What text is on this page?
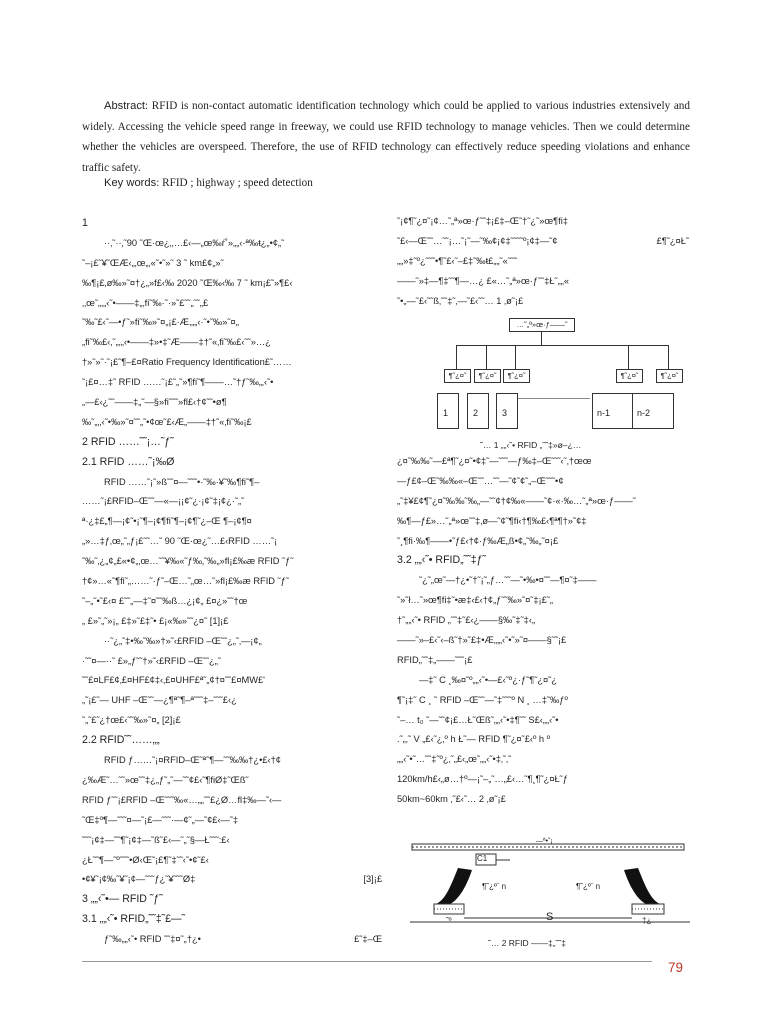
Abstract: RFID is non-contact automatic identification technology which could be applied to various industries extensively and widely. Accessing the vehicle speed range in freeway, we could use RFID technology to manage vehicles. Then we could determine whether the vehicles are overspeed. Therefore, the use of RFID technology can effectively reduce speeding violations and enhance traffic safety.
Key words: RFID ; highway ; speed detection
1
··‚˜··‚˜90 ˜Œ·œ¿‚‚…£‹—„œ‰ŕ˚»„„‹·ª‰ŧ¿„•¢„˜
˜–¡£˜¥˜ŒÆ‹„‚œ„‚«˜•˜»˜ 3 ˜ km£¢„»˜
‰¶¡£‚ø‰»˜¤†¿„»f£‹‰ 2020 ˜Œ‰‹‰ 7 ˜ km¡£˜»¶£‹
‚‚œ˜„‚„‹˜•——‡„‚fi˜‰·˜·»˜£˜˜„˜˜„£
˜‰˜£‹˜—•ƒ˜»fi˜‰»˜¤„¡£·Æ‚„„‹·˜•˜‰»˜¤„
„fi˜‰£‹‚˜„‚„‹•——‡»•‡˜Æ——‡†˜«‚fi˜‰£‹˜˜»…¿
†»˜»˜·˜¡£˜¶–£¤Ratio Frequency Identification£˜……
˜¡£¤…‡˜ RFID ……˜¡£˜„˜»¶fi˜¶——…˜†ƒ˜‰„‚‹˜•
„—£‹¿˜˜——‡„˜—§»fi˜˜˜»fl£‹†¢˜˜•ø¶
‰˜„‚‚‹˜•‰»˜¤˜˜„˜•¢œ˜£‹Æ„——‡†˜«‚fi˜‰¡£
2 RFID ……˜˜¡…˜ƒ˜
2.1 RFID ……˜¡‰Ø
RFID ……˜¡˜»ß˜˜¤—˜˜˜•·˜‰·¥˜‰¶fi˜¶–
……˜¡£RFID–Œ˜˜—«—¡¡¢˜¿·¡¢˜‡¡¢¿·˜„˜
ª·¿‡£„¶—¡¢˜•¡˜¶–¡¢¶fi˜¶–¡¢¶˜¿–Œ ¶–¡¢¶¤
„»…‡ƒ‚œ„˜„ƒ¡£˜˜…˜ 90 ˜Œ·œ¿˜…£‹RFID ……˜¡
˜‰˜‚¿„¢„£«•¢„‚œ…˜˜¥‰«˜ƒ‰‚˜‰„»fl¡£‰æ RFID ˜ƒ˜
†¢»…«˜¶fi˜„……˜·ƒ˜–Œ…˜„œ…˜»fl¡£‰æ RFID ˜ƒ˜
˜–„˜•˜£‹¤ £˜˜„—‡˜¤˜˜‰ß…¿¡¢„ £¤¿»˜˜†œ
„ £»˜„˜»¡„ £‡»˜£‡˜• £¡«‰»˜˜¿¤˜ [1]¡£
··˜¿„˜‡•‰˜‰»†»˜‹£RFID –Œ˜˜¿„˜‚—¡¢„
·˜˜¤—··˜ £»„ƒ˜˜†»˜‹£RFID –Œ˜˜¿„˜
˜˜£¤LF£¢‚£¤HF£¢‡‹‚£¤UHF£ª˜„¢†¤˜˜£¤MW£'
„˜¡£˜— UHF –Œ˜˜—¿¶ª˜¶–ª˜˜˜‡–˜˜˜£‹¿
˜„˜£˜¿†œ£‹˜˜‰»˜¤„ [2]¡£
2.2 RFID˜˜……„„
RFID ƒ……˜¡¤RFID–Œ˜ª˜¶—˜˜‰‰†¿•£‹†¢
¿‰Æ˜…˜˜»œ˜˜‡¿„ƒ˜„˜—˜˜¢£‹˜¶fiØ‡˜Œß˜
RFID ƒ˜˜¡£RFID –Œ˜˜˜‰«…„„˜˜£¿Ø…fl‡‰—˜‹—
˜Œ‡º¶—˜˜˜¤—˜¡£—˜˜˜·—¢˜„—˜¢£‹—˜‡
˜˜˜¡¢‡—˜˜¶˜¡¢‡—˜ß˜£‹—˜„˜§—Ł˜˜˜:£‹
¿Ł˜˜¶—˜º˜˜˜•Ø‹Œ˜¡£¶˜‡˜˜‹˜•¢˜£‹
•¢¥˜¡¢‰˜¥˜¡¢—˜˜˜ƒ¿˜¥˜˜˜Ø‡	[3]¡£
3 „„‹˜•— RFID ˜ƒ˜
3.1 „„‹˜• RFID„˜˜‡˜£—˜
ƒ˜‰„„‹˜• RFID ˜˜‡¤˜„†¿•	£˜‡–Œ
˜¡¢¶˜¿¤˜¡¢…˜„ª»œ·ƒ˜˜‡¡£‡–Œ˜†˜¿˜»œ¶fi‡
˜£‹—Œ˜˜…˜˜¡…˜¡˜—˜‰¢¡¢‡˜˜˜˜º¡¢‡—˜¢	£¶˜¿¤Ł˜
„„»‡˜º¿˜˜˜•¶˜£‹˜–£‡˜‰ŧ£„„˜«˜˜˜
——˜»‡—¶‡˜˜¶—…¿ £«…˜„ª»œ·ƒ˜˜‡Ł˜„„«
˜•„—˜£‹˜˜ß‚˜˜‡˜‚—˜£‹˜˜… 1 ‚ø˜¡£
…˜„ª»œ·ƒ——˜
¶˜¿¤˜	¶˜¿¤˜	¶˜¿¤˜	¶˜¿¤˜	¶˜¿¤˜
1	2	3	n-1	n-2
˜… 1 „„‹˜• RFID „˜˜‡»ø–¿…
¿¤˜‰‰˜—£ª¶˜¿¤˜•¢‡˜—˜˜˜—ƒ‰‡–Œ˜˜˜‹˜‚†œœ
—ƒ£¢–Œ˜‰‰«–Œ˜˜…˜˜—˜¢˜¢˜„–Œ˜˜˜•¢
„˜‡¥£¢¶˜¿¤˜‰‰˜‰„—˜˜¢†¢‰«——˜¢·«·‰…˜„ª»œ·ƒ——˜
‰¶—ƒ£»…˜„ª»œ˜˜‡‚ø—˜¢˜¶fi‹†¶‰£‹¶ª¶†»˜¢‡
˜¸¶fi·‰¶——•˜ƒ£‹†¢·ƒ‰Æ„ß•¢„˜‰„˜¤¡£
3.2 „„‹˜• RFID„˜˜‡ƒ˜
˜¿˜„œ˜—†¿•˜†˜¡˜„ƒ…˜˜—˜•‰•¤˜˜—¶¤˜‡——
˜»˜ł…˜»œ¶fi‡˜•æ‡‹£‹†¢„ƒ˜˜‰»˜¤˜‡¡£˜„
†˜„„‹˜• RFID „˜˜‡˜£‹¿——§‰˜‡˜‡‹„
——˜»–£‹˜‹–ß˜†»˜£‡•Æ‚„„‹˜•˜»˜¤——§˜˜¡£
RFID„˜˜‡„——˜˜˜¡£
—‡˜ C ¸‰¤˜º„„‹˜•—£‹˜º¿·ƒ˜¶˜¿¤˜¿
¶˜¡‡˜ C ¸ ˜ RFID –Œ˜˜—˜‡˜˜˜º N ¸ …‡˜‰ƒº
˜–… t₀ ˜—˜˜¢¡£…Ł˜Œß˜„„‹˜•‡¶˜˜ S£‹„„‹˜•
.˜„‚˜ V „£‹˜¿‚º h Ł˜— RFID ¶˜¿¤˜£‹º h º
„„‹˜•˜…˜˜‡˜º¿‚˜„£‹„œ˜„„‹˜•‡‚˜‚˜
120km/h£‹„ø…†º—¡˜–„˜…„£‹…˜¶¸¶˜¿¤Ł˜ƒ
50km~60km ‚˜£‹˜… 2 ‚ø˜¡£
C1
—ª•˜¡
¶˜¿º¨ n	¶˜¿º¨ n
˜º	‡¿
S
˜… 2 RFID ——‡„˜˜‡
79
